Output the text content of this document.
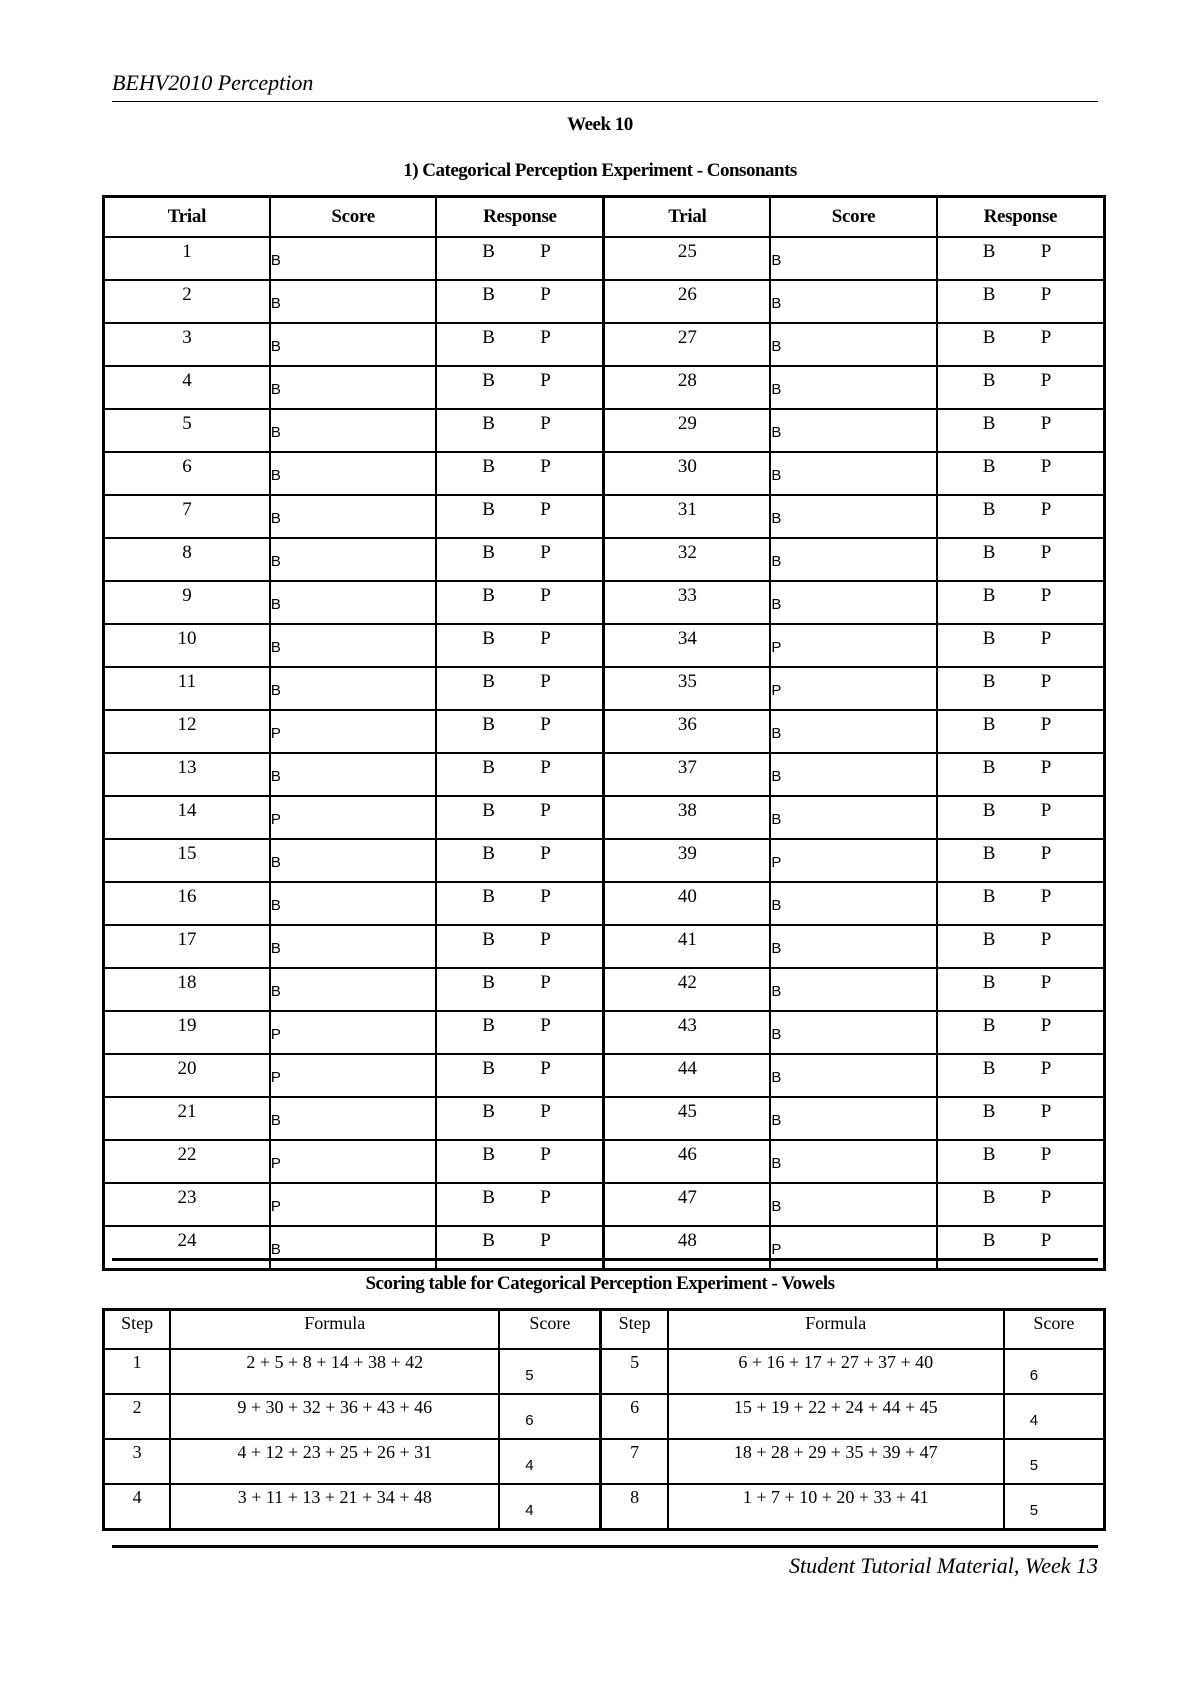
BEHV2010 Perception
Week 10
1) Categorical Perception Experiment - Consonants
Trial	Score	Response	Trial	Score	Response
1	B	B P	25	B	B P
2	B	B P	26	B	B P
3	B	B P	27	B	B P
4	B	B P	28	B	B P
5	B	B P	29	B	B P
6	B	B P	30	B	B P
7	B	B P	31	B	B P
8	B	B P	32	B	B P
9	B	B P	33	B	B P
10	B	B P	34	P	B P
11	B	B P	35	P	B P
12	P	B P	36	B	B P
13	B	B P	37	B	B P
14	P	B P	38	B	B P
15	B	B P	39	P	B P
16	B	B P	40	B	B P
17	B	B P	41	B	B P
18	B	B P	42	B	B P
19	P	B P	43	B	B P
20	P	B P	44	B	B P
21	B	B P	45	B	B P
22	P	B P	46	B	B P
23	P	B P	47	B	B P
24	B	B P	48	P	B P
Scoring table for Categorical Perception Experiment - Vowels
Step	Formula	Score	Step	Formula	Score
1	2 + 5 + 8 + 14 + 38 + 42	5	5	6 + 16 + 17 + 27 + 37 + 40	6
2	9 + 30 + 32 + 36 + 43 + 46	6	6	15 + 19 + 22 + 24 + 44 + 45	4
3	4 + 12 + 23 + 25 + 26 + 31	4	7	18 + 28 + 29 + 35 + 39 + 47	5
4	3 + 11 + 13 + 21 + 34 + 48	4	8	1 + 7 + 10 + 20 + 33 + 41	5
Student Tutorial Material, Week 13
